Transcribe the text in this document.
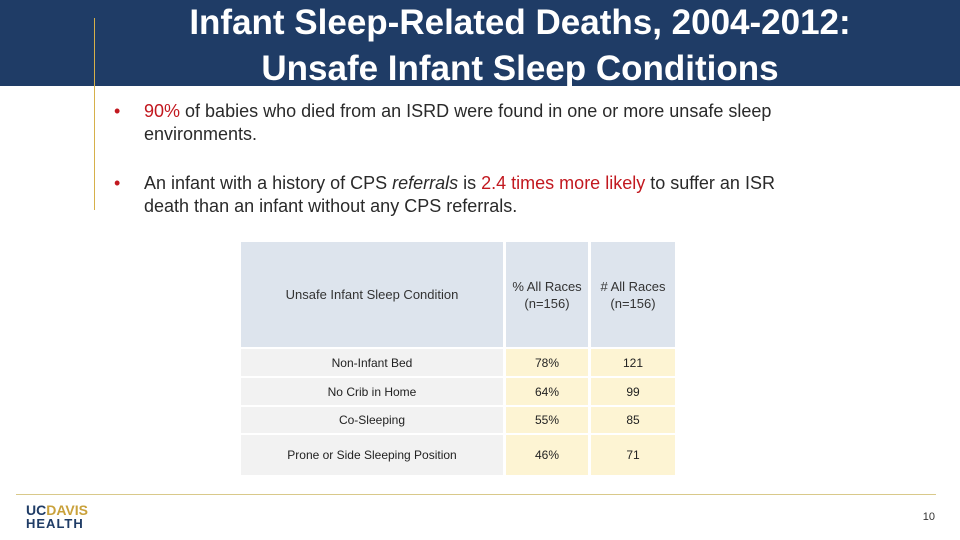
Infant Sleep-Related Deaths, 2004-2012:
Unsafe Infant Sleep Conditions
• 90% of babies who died from an ISRD were found in one or more unsafe sleep
environments.
• An infant with a history of CPS referrals is 2.4 times more likely to suffer an ISR
death than an infant without any CPS referrals.
Unsafe Infant Sleep Condition	% All Races (n=156)	# All Races (n=156)
Non-Infant Bed	78%	121
No Crib in Home	64%	99
Co-Sleeping	55%	85
Prone or Side Sleeping Position	46%	71
UCDAVIS
HEALTH	10
